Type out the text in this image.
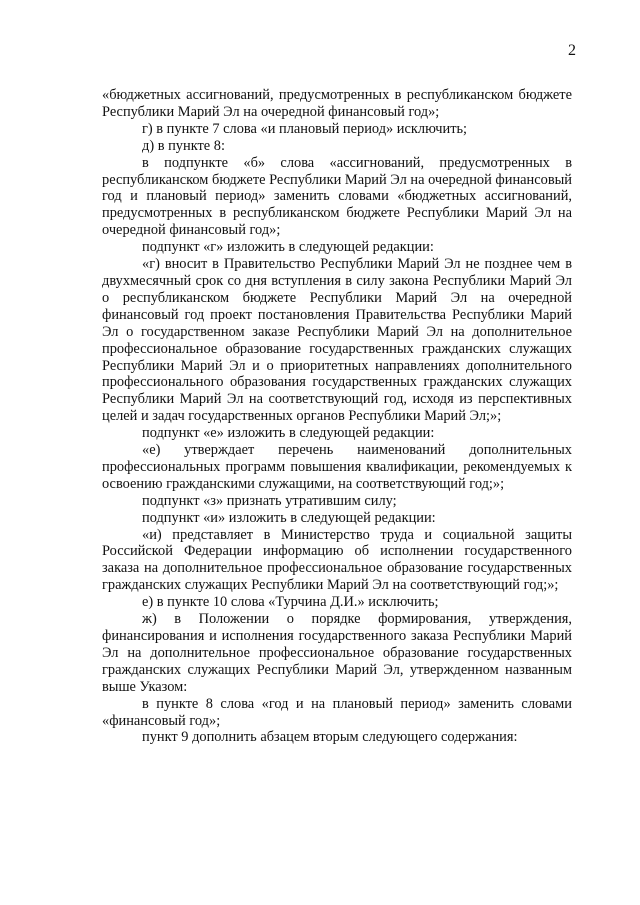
2

«бюджетных ассигнований, предусмотренных в республиканском бюджете Республики Марий Эл на очередной финансовый год»;

г) в пункте 7 слова «и плановый период» исключить;

д) в пункте 8:

в подпункте «б» слова «ассигнований, предусмотренных в республиканском бюджете Республики Марий Эл на очередной финансовый год и плановый период» заменить словами «бюджетных ассигнований, предусмотренных в республиканском бюджете Республики Марий Эл на очередной финансовый год»;

подпункт «г» изложить в следующей редакции:

«г) вносит в Правительство Республики Марий Эл не позднее чем в двухмесячный срок со дня вступления в силу закона Республики Марий Эл о республиканском бюджете Республики Марий Эл на очередной финансовый год проект постановления Правительства Республики Марий Эл о государственном заказе Республики Марий Эл на дополнительное профессиональное образование государственных гражданских служащих Республики Марий Эл и о приоритетных направлениях дополнительного профессионального образования государственных гражданских служащих Республики Марий Эл на соответствующий год, исходя из перспективных целей и задач государственных органов Республики Марий Эл;»;

подпункт «е» изложить в следующей редакции:

«е) утверждает перечень наименований дополнительных профессиональных программ повышения квалификации, рекомендуемых к освоению гражданскими служащими, на соответствующий год;»;

подпункт «з» признать утратившим силу;

подпункт «и» изложить в следующей редакции:

«и) представляет в Министерство труда и социальной защиты Российской Федерации информацию об исполнении государственного заказа на дополнительное профессиональное образование государственных гражданских служащих Республики Марий Эл на соответствующий год;»;

е) в пункте 10 слова «Турчина Д.И.» исключить;

ж) в Положении о порядке формирования, утверждения, финансирования и исполнения государственного заказа Республики Марий Эл на дополнительное профессиональное образование государственных гражданских служащих Республики Марий Эл, утвержденном названным выше Указом:

в пункте 8 слова «год и на плановый период» заменить словами «финансовый год»;

пункт 9 дополнить абзацем вторым следующего содержания:
